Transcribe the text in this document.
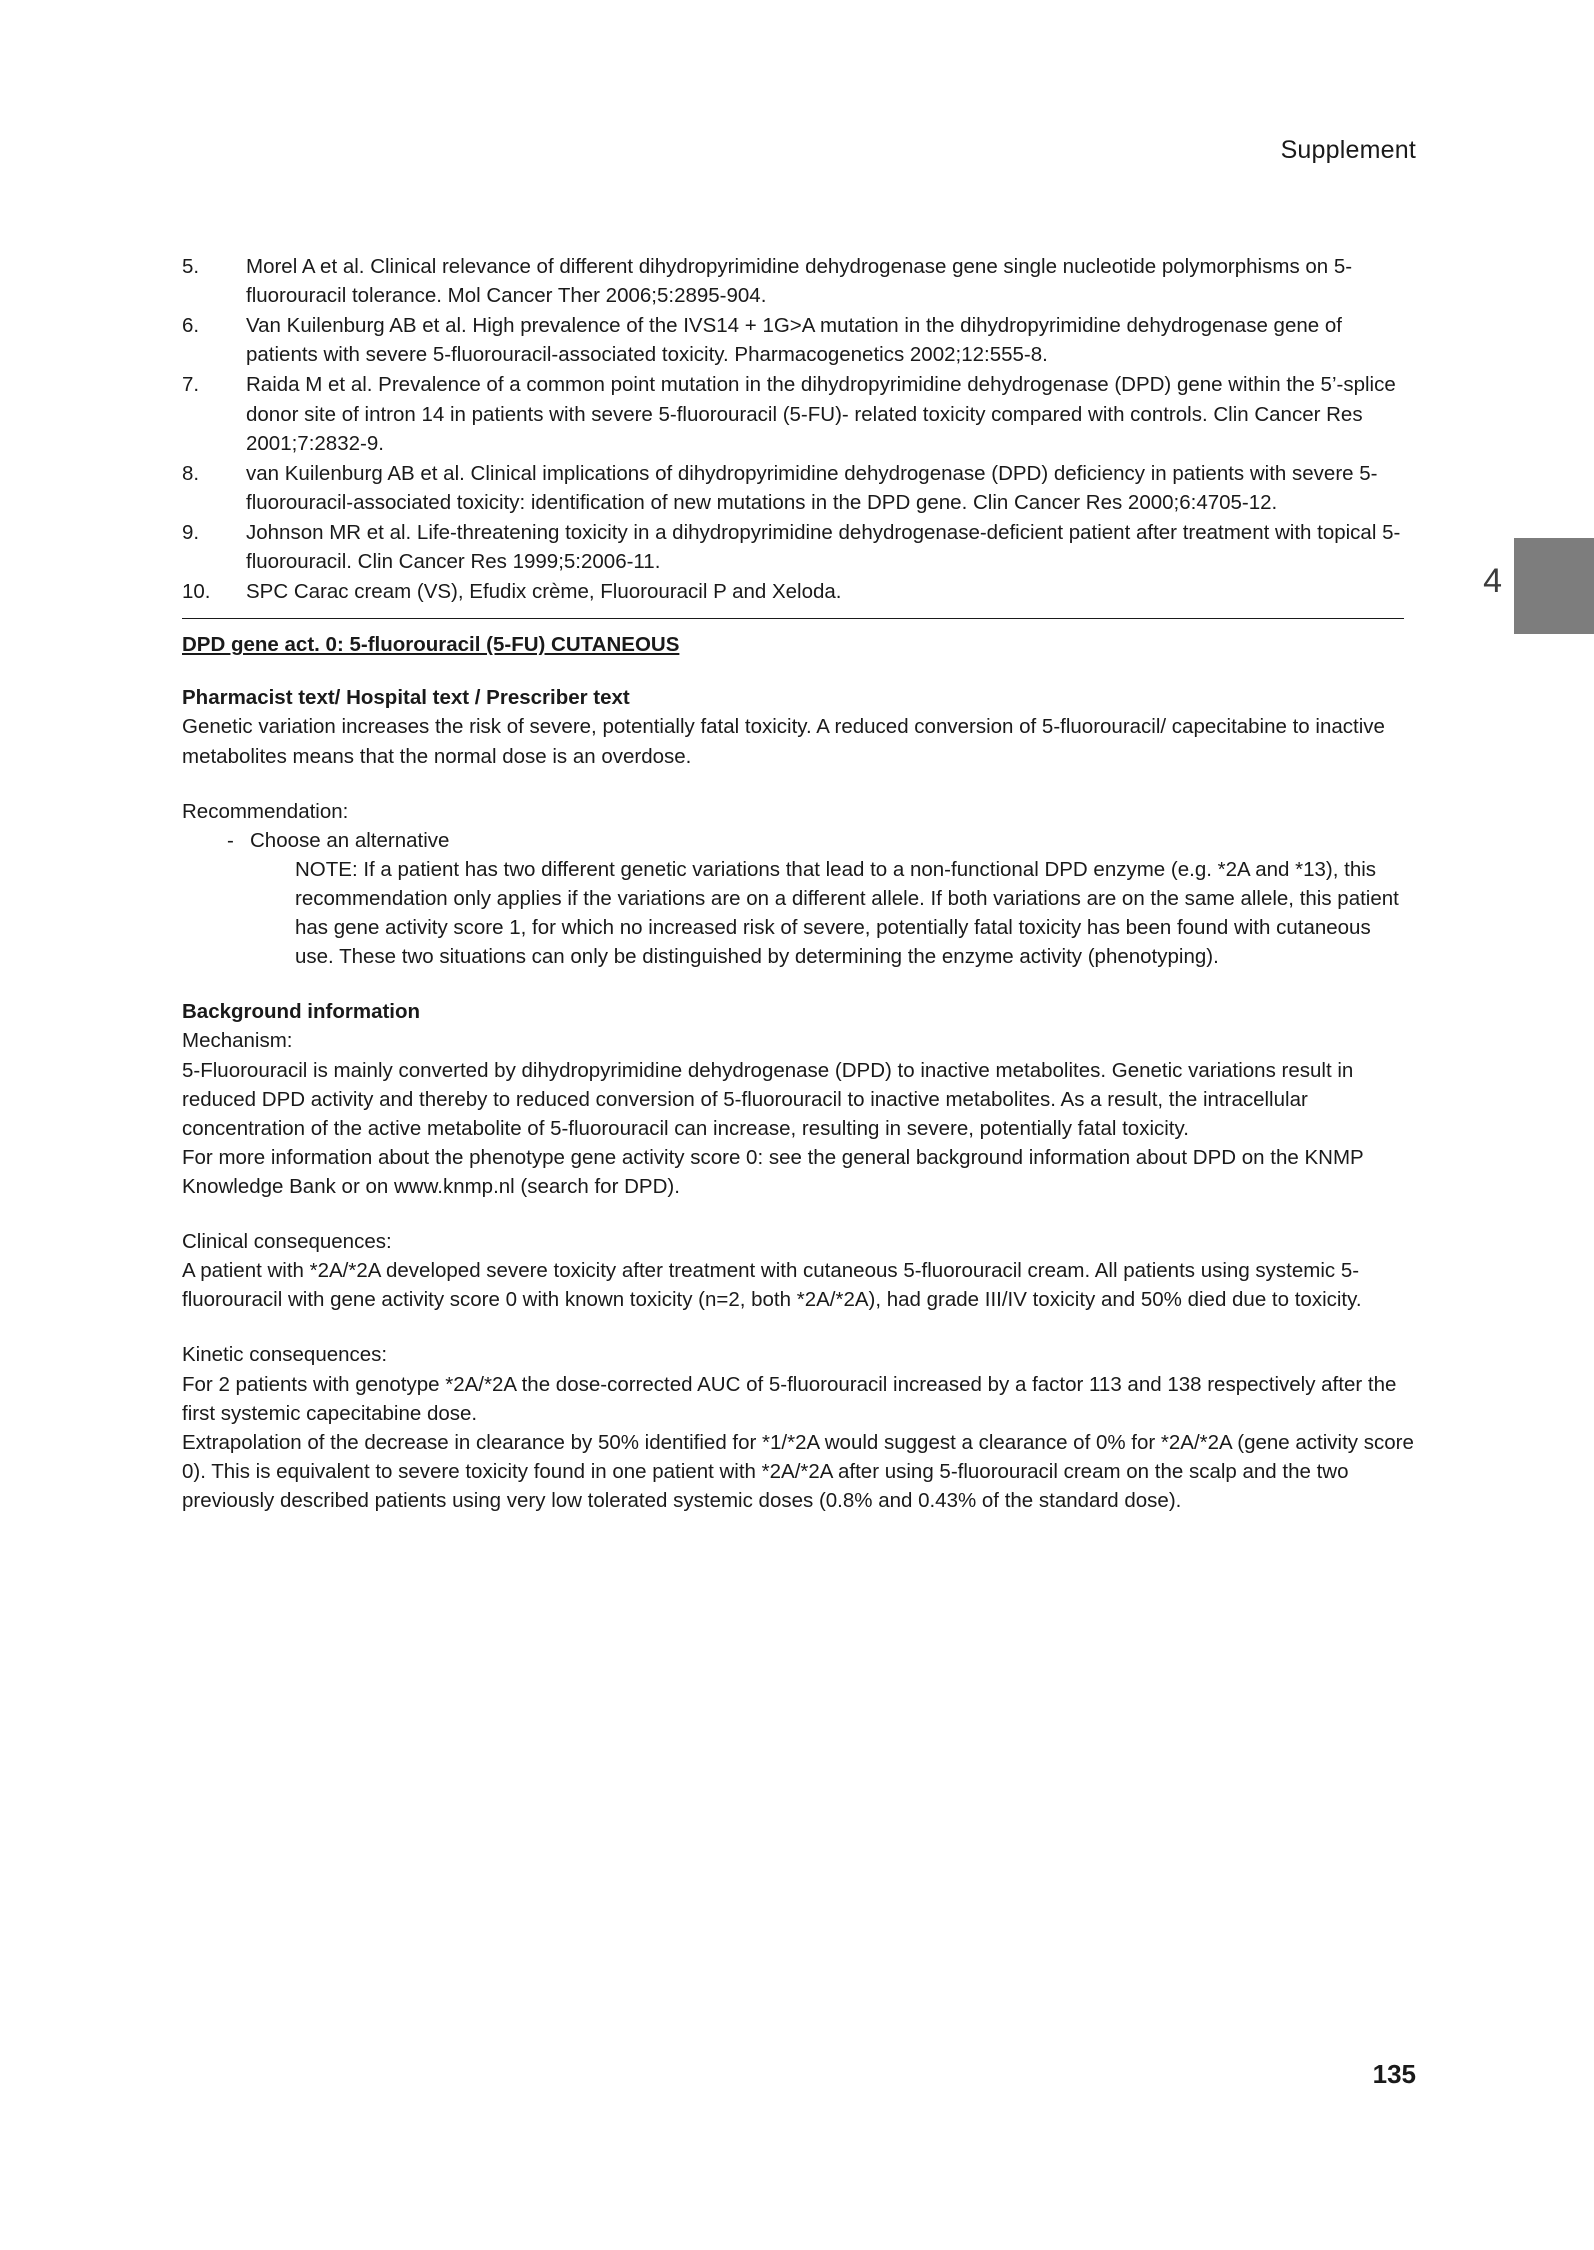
Supplement
4
5.	Morel A et al. Clinical relevance of different dihydropyrimidine dehydrogenase gene single nucleotide polymorphisms on 5-fluorouracil tolerance. Mol Cancer Ther 2006;5:2895-904.
6.	Van Kuilenburg AB et al. High prevalence of the IVS14 + 1G>A mutation in the dihydropyrimidine dehydrogenase gene of patients with severe 5-fluorouracil-associated toxicity. Pharmacogenetics 2002;12:555-8.
7.	Raida M et al. Prevalence of a common point mutation in the dihydropyrimidine dehydrogenase (DPD) gene within the 5’-splice donor site of intron 14 in patients with severe 5-fluorouracil (5-FU)- related toxicity compared with controls. Clin Cancer Res 2001;7:2832-9.
8.	van Kuilenburg AB et al. Clinical implications of dihydropyrimidine dehydrogenase (DPD) deficiency in patients with severe 5-fluorouracil-associated toxicity: identification of new mutations in the DPD gene. Clin Cancer Res 2000;6:4705-12.
9.	Johnson MR et al. Life-threatening toxicity in a dihydropyrimidine dehydrogenase-deficient patient after treatment with topical 5-fluorouracil. Clin Cancer Res 1999;5:2006-11.
10.	SPC Carac cream (VS), Efudix crème, Fluorouracil P and Xeloda.
DPD gene act. 0: 5-fluorouracil (5-FU) CUTANEOUS
Pharmacist text/ Hospital text / Prescriber text

Genetic variation increases the risk of severe, potentially fatal toxicity. A reduced conversion of 5-fluorouracil/ capecitabine to inactive metabolites means that the normal dose is an overdose.

Recommendation:
- Choose an alternative
NOTE: If a patient has two different genetic variations that lead to a non-functional DPD enzyme (e.g. *2A and *13), this recommendation only applies if the variations are on a different allele. If both variations are on the same allele, this patient has gene activity score 1, for which no increased risk of severe, potentially fatal toxicity has been found with cutaneous use. These two situations can only be distinguished by determining the enzyme activity (phenotyping).
Background information
Mechanism:

5-Fluorouracil is mainly converted by dihydropyrimidine dehydrogenase (DPD) to inactive metabolites. Genetic variations result in reduced DPD activity and thereby to reduced conversion of 5-fluorouracil to inactive metabolites. As a result, the intracellular concentration of the active metabolite of 5-fluorouracil can increase, resulting in severe, potentially fatal toxicity.

For more information about the phenotype gene activity score 0: see the general background information about DPD on the KNMP Knowledge Bank or on www.knmp.nl (search for DPD).

Clinical consequences:

A patient with *2A/*2A developed severe toxicity after treatment with cutaneous 5-fluorouracil cream. All patients using systemic 5-fluorouracil with gene activity score 0 with known toxicity (n=2, both *2A/*2A), had grade III/IV toxicity and 50% died due to toxicity.

Kinetic consequences:

For 2 patients with genotype *2A/*2A the dose-corrected AUC of 5-fluorouracil increased by a factor 113 and 138 respectively after the first systemic capecitabine dose.

Extrapolation of the decrease in clearance by 50% identified for *1/*2A would suggest a clearance of 0% for *2A/*2A (gene activity score 0). This is equivalent to severe toxicity found in one patient with *2A/*2A after using 5-fluorouracil cream on the scalp and the two previously described patients using very low tolerated systemic doses (0.8% and 0.43% of the standard dose).

135
